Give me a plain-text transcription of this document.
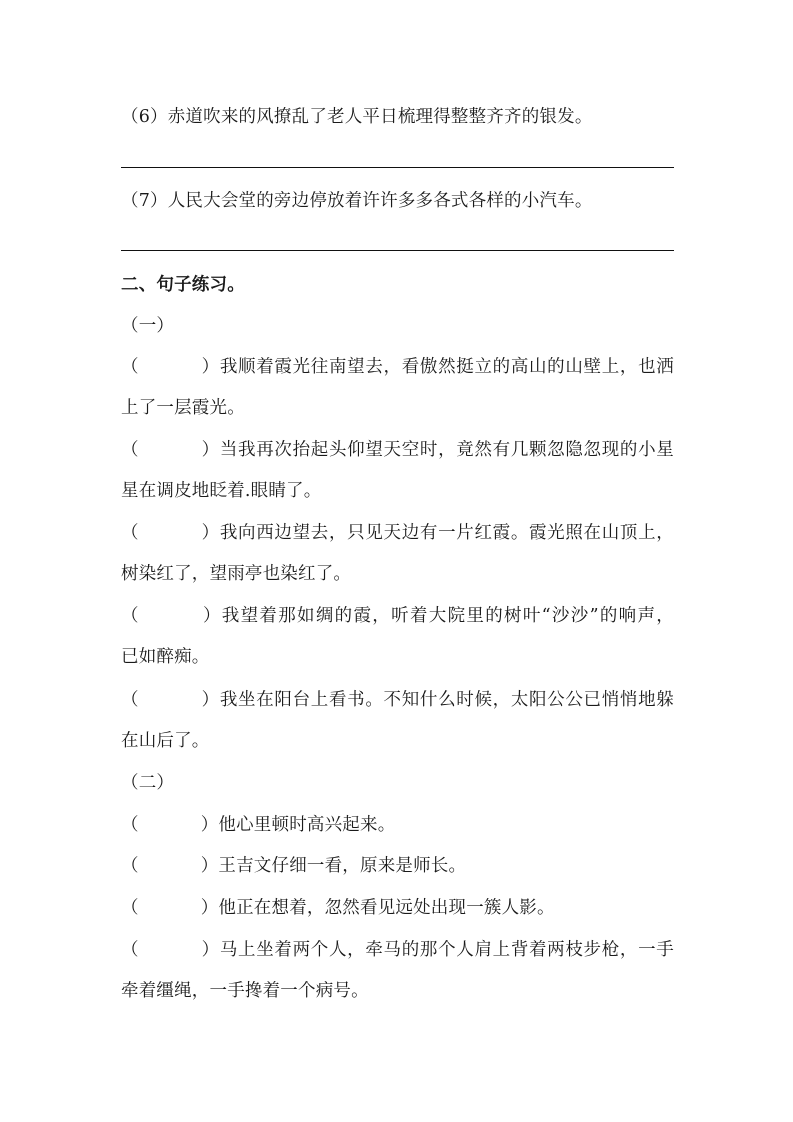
（6）赤道吹来的风撩乱了老人平日梳理得整整齐齐的银发。
（7）人民大会堂的旁边停放着许许多多各式各样的小汽车。
二、句子练习。
（一）
（	）我顺着霞光往南望去，看傲然挺立的高山的山壁上，也洒
上了一层霞光。
（	）当我再次抬起头仰望天空时，竟然有几颗忽隐忽现的小星
星在调皮地眨着.眼睛了。
（	）我向西边望去，只见天边有一片红霞。霞光照在山顶上，
树染红了，望雨亭也染红了。
（	）我望着那如绸的霞，听着大院里的树叶“沙沙”的响声，
已如醉痴。
（	）我坐在阳台上看书。不知什么时候，太阳公公已悄悄地躲
在山后了。
（二）
（	）他心里顿时高兴起来。
（	）王吉文仔细一看，原来是师长。
（	）他正在想着，忽然看见远处出现一簇人影。
（	）马上坐着两个人，牵马的那个人肩上背着两枝步枪，一手
牵着缰绳，一手搀着一个病号。
